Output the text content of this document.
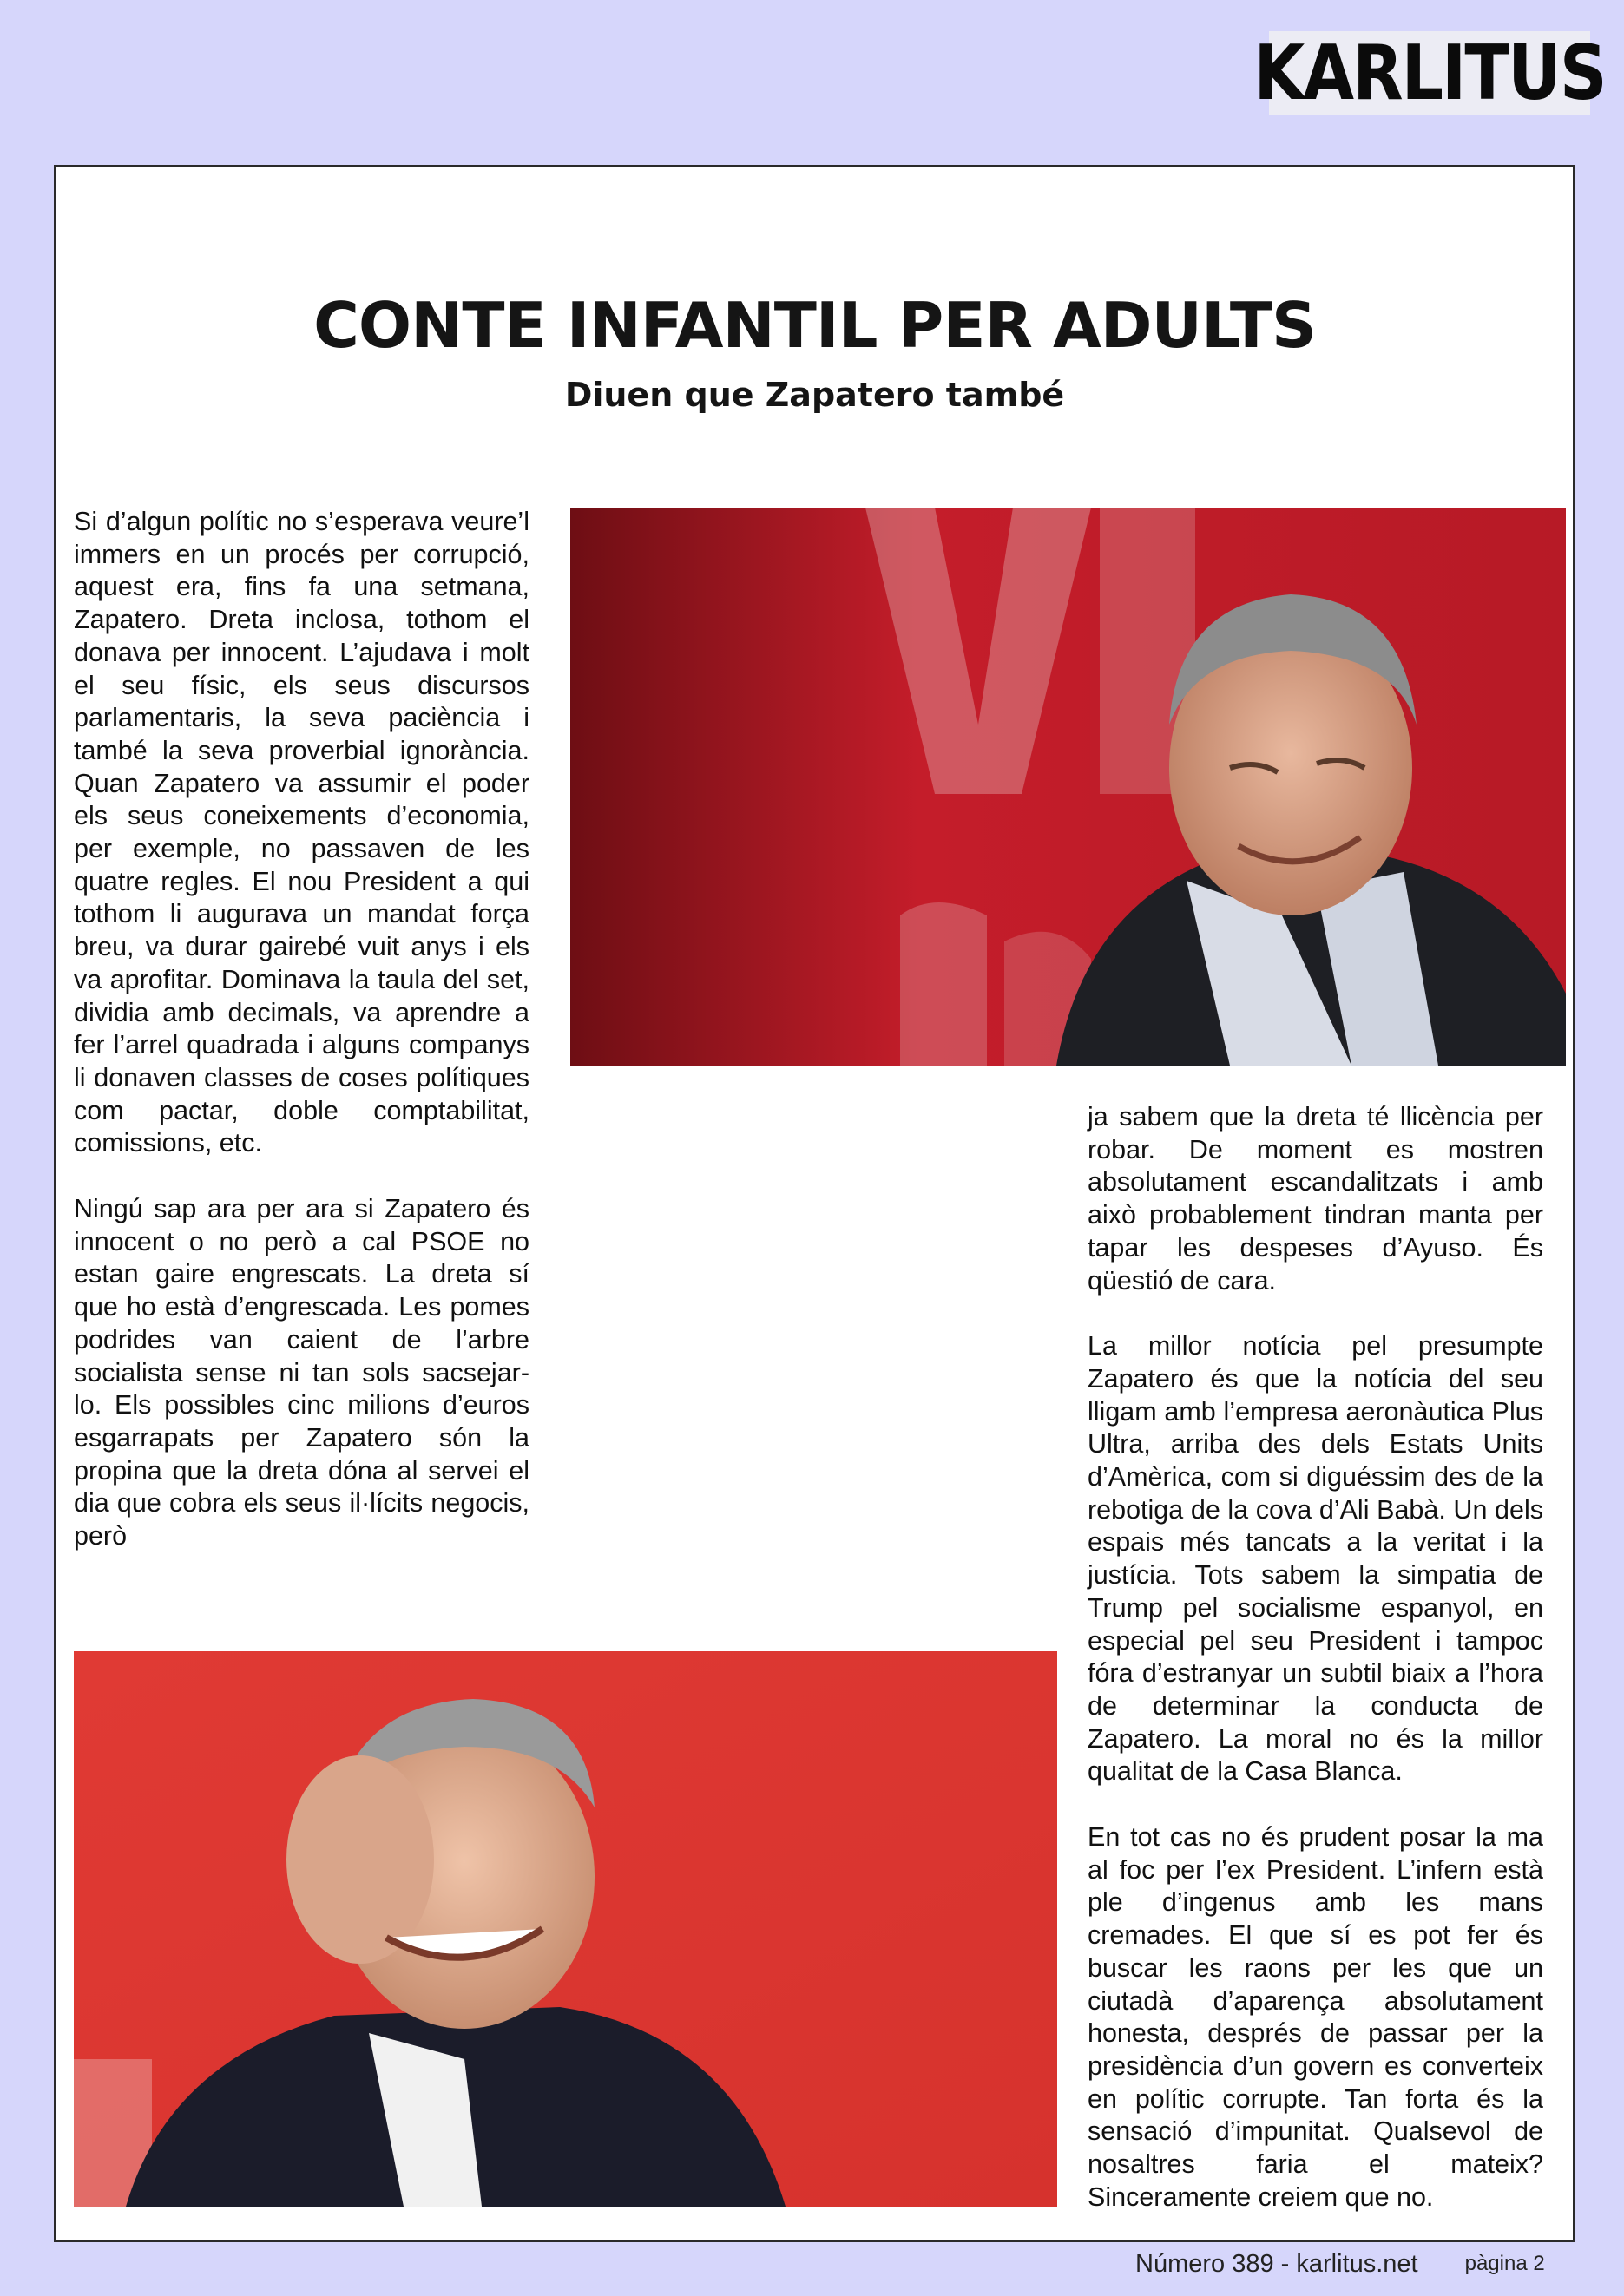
KARLITUS
CONTE INFANTIL PER ADULTS
Diuen que Zapatero també

Si d’algun polític no s’esperava veure’l immers en un procés per corrupció, aquest era, fins fa una setmana, Zapatero. Dreta inclosa, tothom el donava per innocent. L’ajudava i molt el seu físic, els seus discursos parlamentaris, la seva paciència i també la seva proverbial ignorància. Quan Zapatero va assumir el poder els seus coneixements d’economia, per exemple, no passaven de les quatre regles. El nou President a qui tothom li augurava un mandat força breu, va durar gairebé vuit anys i els va aprofitar. Dominava la taula del set, dividia amb decimals, va aprendre a fer l’arrel quadrada i alguns companys li donaven classes de coses polítiques com pactar, doble comptabilitat, comissions, etc.

Ningú sap ara per ara si Zapatero és innocent o no però a cal PSOE no estan gaire engrescats. La dreta sí que ho està d’engrescada. Les pomes podrides van caient de l’arbre socialista sense ni tan sols sacsejar-lo. Els possibles cinc milions d’euros esgarrapats per Zapatero són la propina que la dreta dóna al servei el dia que cobra els seus il·lícits negocis, però

ja sabem que la dreta té llicència per robar. De moment es mostren absolutament escandalitzats i amb això probablement tindran manta per tapar les despeses d’Ayuso. És qüestió de cara.

La millor notícia pel presumpte Zapatero és que la notícia del seu lligam amb l’empresa aeronàutica Plus Ultra, arriba des dels Estats Units d’Amèrica, com si diguéssim des de la rebotiga de la cova d’Ali Babà. Un dels espais més tancats a la veritat i la justícia. Tots sabem la simpatia de Trump pel socialisme espanyol, en especial pel seu President i tampoc fóra d’estranyar un subtil biaix a l’hora de determinar la conducta de Zapatero. La moral no és la millor qualitat de la Casa Blanca.

En tot cas no és prudent posar la ma al foc per l’ex President. L’infern està ple d’ingenus amb les mans cremades. El que sí es pot fer és buscar les raons per les que un ciutadà d’aparença absolutament honesta, després de passar per la presidència d’un govern es converteix en polític corrupte. Tan forta és la sensació d’impunitat. Qualsevol de nosaltres faria el mateix? Sinceramente creiem que no.

Número 389 - karlitus.net pàgina 2
